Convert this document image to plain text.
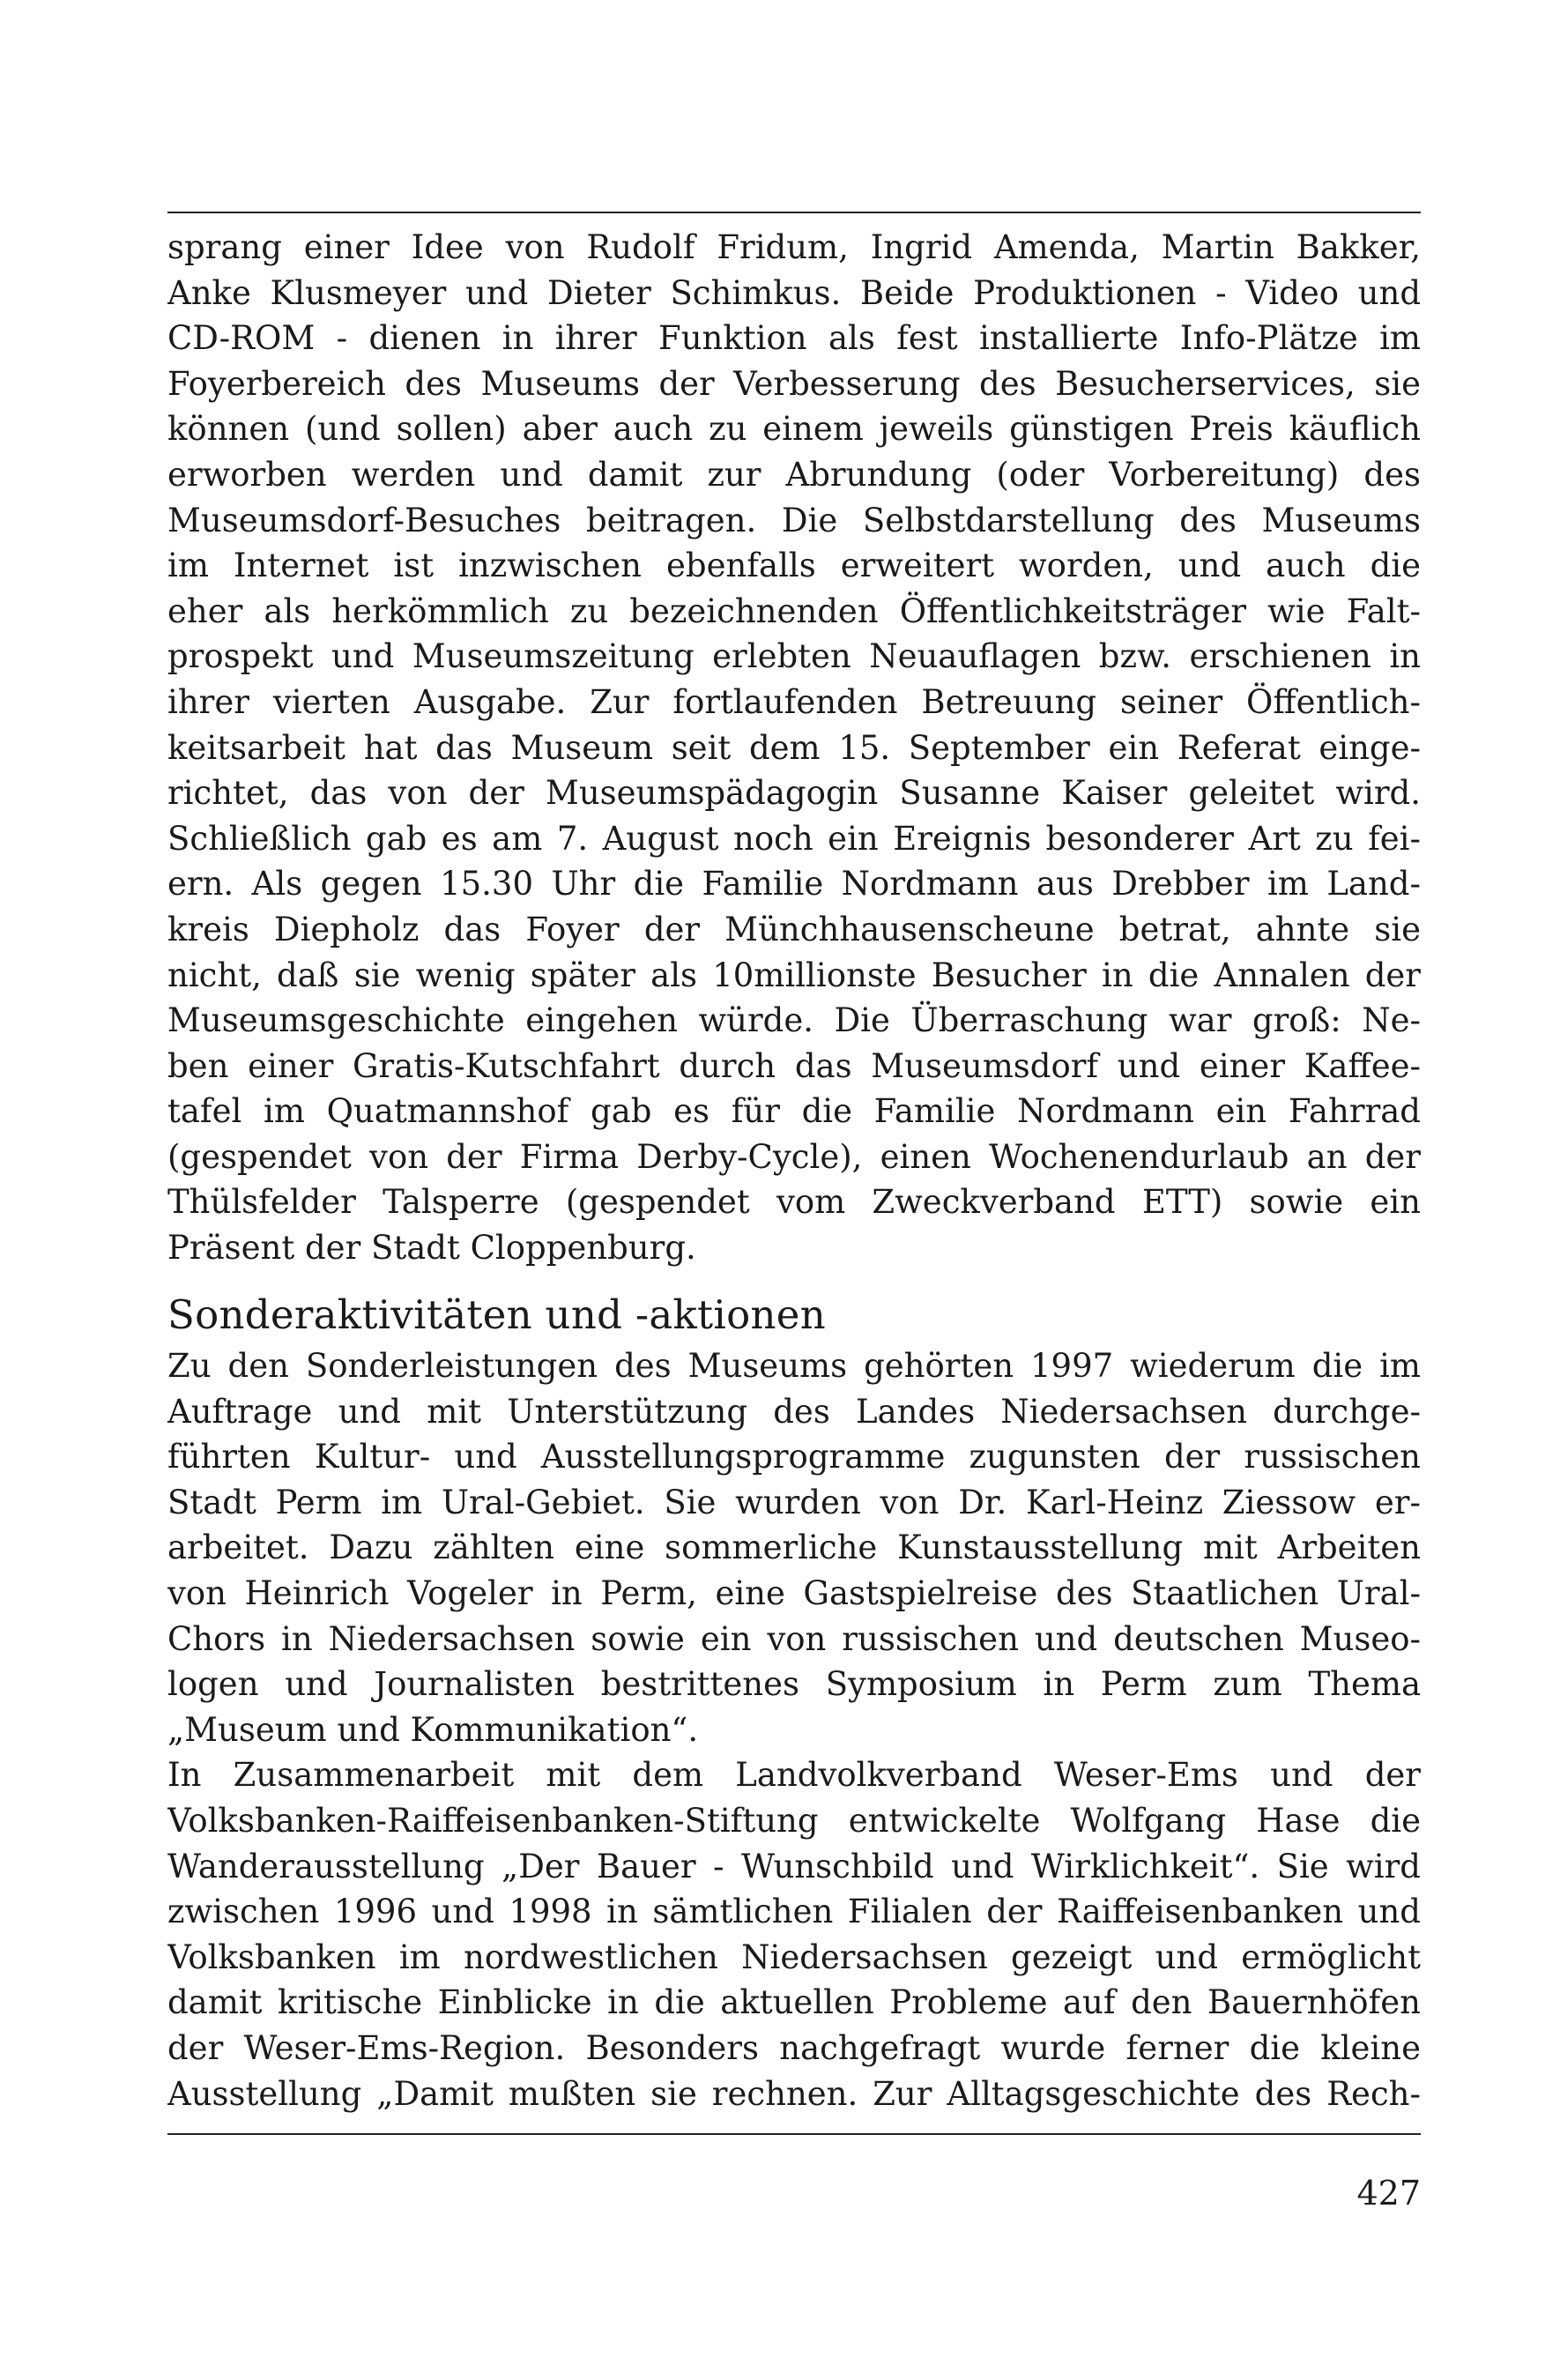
sprang einer Idee von Rudolf Fridum, Ingrid Amenda, Martin Bakker,
Anke Klusmeyer und Dieter Schimkus. Beide Produktionen - Video und
CD-ROM - dienen in ihrer Funktion als fest installierte Info-Plätze im
Foyerbereich des Museums der Verbesserung des Besucherservices, sie
können (und sollen) aber auch zu einem jeweils günstigen Preis käuflich
erworben werden und damit zur Abrundung (oder Vorbereitung) des
Museumsdorf-Besuches beitragen. Die Selbstdarstellung des Museums
im Internet ist inzwischen ebenfalls erweitert worden, und auch die
eher als herkömmlich zu bezeichnenden Öffentlichkeitsträger wie Falt-
prospekt und Museumszeitung erlebten Neuauflagen bzw. erschienen in
ihrer vierten Ausgabe. Zur fortlaufenden Betreuung seiner Öffentlich-
keitsarbeit hat das Museum seit dem 15. September ein Referat einge-
richtet, das von der Museumspädagogin Susanne Kaiser geleitet wird.
Schließlich gab es am 7. August noch ein Ereignis besonderer Art zu fei-
ern. Als gegen 15.30 Uhr die Familie Nordmann aus Drebber im Land-
kreis Diepholz das Foyer der Münchhausenscheune betrat, ahnte sie
nicht, daß sie wenig später als 10millionste Besucher in die Annalen der
Museumsgeschichte eingehen würde. Die Überraschung war groß: Ne-
ben einer Gratis-Kutschfahrt durch das Museumsdorf und einer Kaffee-
tafel im Quatmannshof gab es für die Familie Nordmann ein Fahrrad
(gespendet von der Firma Derby-Cycle), einen Wochenendurlaub an der
Thülsfelder Talsperre (gespendet vom Zweckverband ETT) sowie ein
Präsent der Stadt Cloppenburg.
Sonderaktivitäten und -aktionen
Zu den Sonderleistungen des Museums gehörten 1997 wiederum die im
Auftrage und mit Unterstützung des Landes Niedersachsen durchge-
führten Kultur- und Ausstellungsprogramme zugunsten der russischen
Stadt Perm im Ural-Gebiet. Sie wurden von Dr. Karl-Heinz Ziessow er-
arbeitet. Dazu zählten eine sommerliche Kunstausstellung mit Arbeiten
von Heinrich Vogeler in Perm, eine Gastspielreise des Staatlichen Ural-
Chors in Niedersachsen sowie ein von russischen und deutschen Museo-
logen und Journalisten bestrittenes Symposium in Perm zum Thema
„Museum und Kommunikation“.
In Zusammenarbeit mit dem Landvolkverband Weser-Ems und der
Volksbanken-Raiffeisenbanken-Stiftung entwickelte Wolfgang Hase die
Wanderausstellung „Der Bauer - Wunschbild und Wirklichkeit“. Sie wird
zwischen 1996 und 1998 in sämtlichen Filialen der Raiffeisenbanken und
Volksbanken im nordwestlichen Niedersachsen gezeigt und ermöglicht
damit kritische Einblicke in die aktuellen Probleme auf den Bauernhöfen
der Weser-Ems-Region. Besonders nachgefragt wurde ferner die kleine
Ausstellung „Damit mußten sie rechnen. Zur Alltagsgeschichte des Rech-
427
